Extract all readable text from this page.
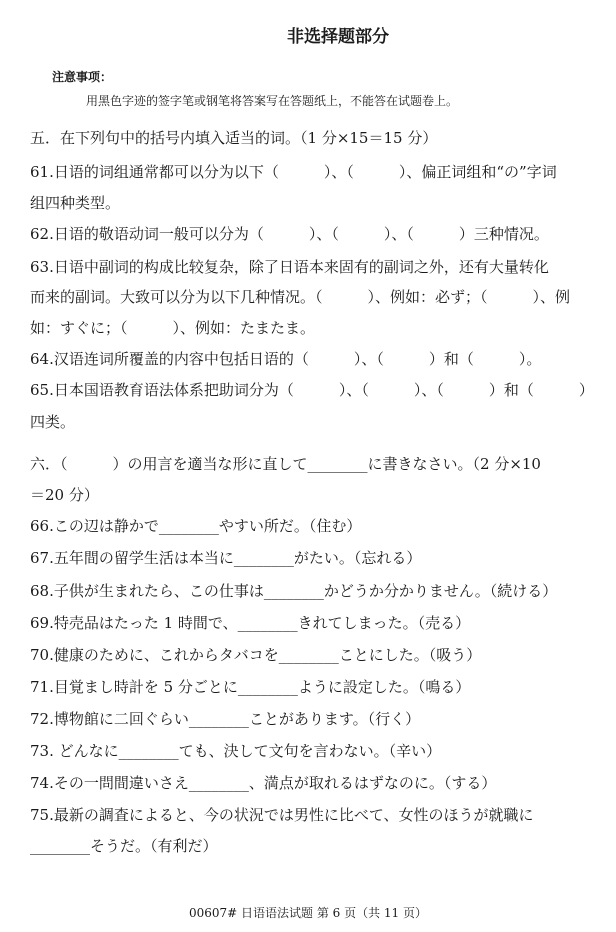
非选择题部分
注意事项：
用黑色字迹的签字笔或钢笔将答案写在答题纸上，不能答在试题卷上。
五．在下列句中的括号内填入适当的词。（1 分×15＝15 分）
61.日语的词组通常都可以分为以下（　　　）、（　　　）、偏正词组和“の”字词
组四种类型。
62.日语的敬语动词一般可以分为（　　　）、（　　　）、（　　　）三种情况。
63.日语中副词的构成比较复杂，除了日语本来固有的副词之外，还有大量转化
而来的副词。大致可以分为以下几种情况。（　　　）、例如：必ず；（　　　）、例
如：すぐに；（　　　）、例如：たまたま。
64.汉语连词所覆盖的内容中包括日语的（　　　）、（　　　）和（　　　）。
65.日本国语教育语法体系把助词分为（　　　）、（　　　）、（　　　）和（　　　）
四类。
六．（　　　）の用言を適当な形に直して________に書きなさい。（2 分×10
＝20 分）
66.この辺は静かで________やすい所だ。（住む）
67.五年間の留学生活は本当に________がたい。（忘れる）
68.子供が生まれたら、この仕事は________かどうか分かりません。（続ける）
69.特売品はたった 1 時間で、________きれてしまった。（売る）
70.健康のために、これからタバコを________ことにした。（吸う）
71.目覚まし時計を 5 分ごとに________ように設定した。（鳴る）
72.博物館に二回ぐらい________ことがあります。（行く）
73. どんなに________ても、決して文句を言わない。（辛い）
74.その一問間違いさえ________、満点が取れるはずなのに。（する）
75.最新の調査によると、今の状況では男性に比べて、女性のほうが就職に
________そうだ。（有利だ）
00607# 日语语法试题 第 6 页（共 11 页）
